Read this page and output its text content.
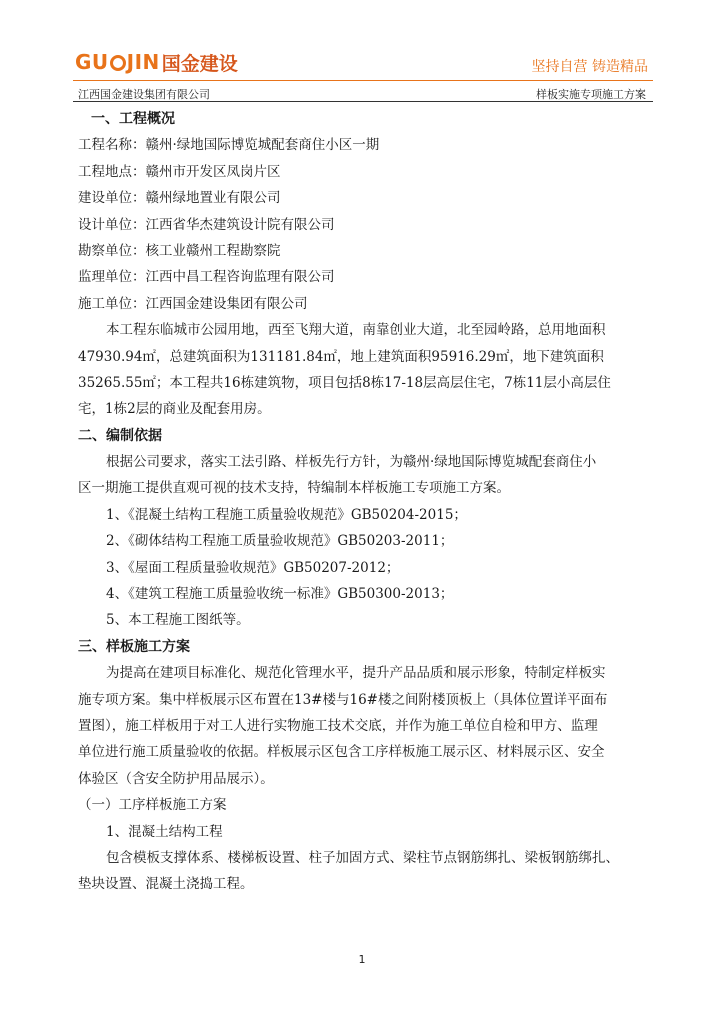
GU JIN 国金建设	坚持自营 铸造精品
江西国金建设集团有限公司	样板实施专项施工方案
一、工程概况
工程名称：赣州·绿地国际博览城配套商住小区一期
工程地点：赣州市开发区凤岗片区
建设单位：赣州绿地置业有限公司
设计单位：江西省华杰建筑设计院有限公司
勘察单位：核工业赣州工程勘察院
监理单位：江西中昌工程咨询监理有限公司
施工单位：江西国金建设集团有限公司
本工程东临城市公园用地，西至飞翔大道，南靠创业大道，北至园岭路，总用地面积
47930.94㎡，总建筑面积为131181.84㎡，地上建筑面积95916.29㎡，地下建筑面积
35265.55㎡；本工程共16栋建筑物，项目包括8栋17-18层高层住宅，7栋11层小高层住
宅，1栋2层的商业及配套用房。
二、编制依据
根据公司要求，落实工法引路、样板先行方针，为赣州·绿地国际博览城配套商住小
区一期施工提供直观可视的技术支持，特编制本样板施工专项施工方案。
1、《混凝土结构工程施工质量验收规范》GB50204-2015；
2、《砌体结构工程施工质量验收规范》GB50203-2011；
3、《屋面工程质量验收规范》GB50207-2012；
4、《建筑工程施工质量验收统一标准》GB50300-2013；
5、本工程施工图纸等。
三、样板施工方案
为提高在建项目标准化、规范化管理水平，提升产品品质和展示形象，特制定样板实
施专项方案。集中样板展示区布置在13#楼与16#楼之间附楼顶板上（具体位置详平面布
置图），施工样板用于对工人进行实物施工技术交底，并作为施工单位自检和甲方、监理
单位进行施工质量验收的依据。样板展示区包含工序样板施工展示区、材料展示区、安全
体验区（含安全防护用品展示）。
（一）工序样板施工方案
1、混凝土结构工程
包含模板支撑体系、楼梯板设置、柱子加固方式、梁柱节点钢筋绑扎、梁板钢筋绑扎、
垫块设置、混凝土浇捣工程。
1
